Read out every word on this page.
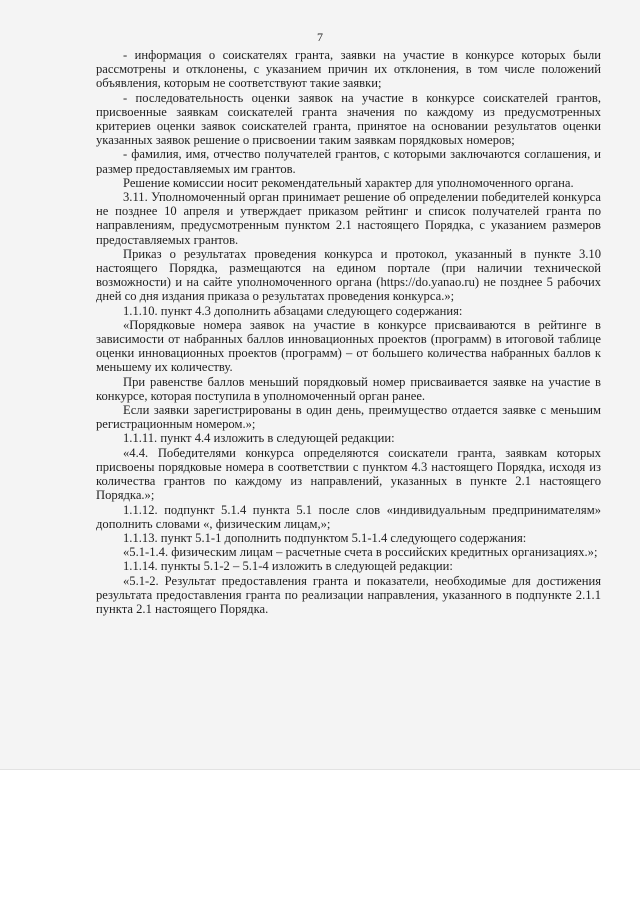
7

- информация о соискателях гранта, заявки на участие в конкурсе которых были рассмотрены и отклонены, с указанием причин их отклонения, в том числе положений объявления, которым не соответствуют такие заявки;

- последовательность оценки заявок на участие в конкурсе соискателей грантов, присвоенные заявкам соискателей гранта значения по каждому из предусмотренных критериев оценки заявок соискателей гранта, принятое на основании результатов оценки указанных заявок решение о присвоении таким заявкам порядковых номеров;

- фамилия, имя, отчество получателей грантов, с которыми заключаются соглашения, и размер предоставляемых им грантов.

Решение комиссии носит рекомендательный характер для уполномоченного органа.

3.11. Уполномоченный орган принимает решение об определении победителей конкурса не позднее 10 апреля и утверждает приказом рейтинг и список получателей гранта по направлениям, предусмотренным пунктом 2.1 настоящего Порядка, с указанием размеров предоставляемых грантов.

Приказ о результатах проведения конкурса и протокол, указанный в пункте 3.10 настоящего Порядка, размещаются на едином портале (при наличии технической возможности) и на сайте уполномоченного органа (https://do.yanao.ru) не позднее 5 рабочих дней со дня издания приказа о результатах проведения конкурса.»;

1.1.10. пункт 4.3 дополнить абзацами следующего содержания:

«Порядковые номера заявок на участие в конкурсе присваиваются в рейтинге в зависимости от набранных баллов инновационных проектов (программ) в итоговой таблице оценки инновационных проектов (программ) – от большего количества набранных баллов к меньшему их количеству.

При равенстве баллов меньший порядковый номер присваивается заявке на участие в конкурсе, которая поступила в уполномоченный орган ранее.

Если заявки зарегистрированы в один день, преимущество отдается заявке с меньшим регистрационным номером.»;

1.1.11. пункт 4.4 изложить в следующей редакции:

«4.4. Победителями конкурса определяются соискатели гранта, заявкам которых присвоены порядковые номера в соответствии с пунктом 4.3 настоящего Порядка, исходя из количества грантов по каждому из направлений, указанных в пункте 2.1 настоящего Порядка.»;

1.1.12. подпункт 5.1.4 пункта 5.1 после слов «индивидуальным предпринимателям» дополнить словами «, физическим лицам,»;

1.1.13. пункт 5.1-1 дополнить подпунктом 5.1-1.4 следующего содержания:

«5.1-1.4. физическим лицам – расчетные счета в российских кредитных организациях.»;

1.1.14. пункты 5.1-2 – 5.1-4 изложить в следующей редакции:

«5.1-2. Результат предоставления гранта и показатели, необходимые для достижения результата предоставления гранта по реализации направления, указанного в подпункте 2.1.1 пункта 2.1 настоящего Порядка.
